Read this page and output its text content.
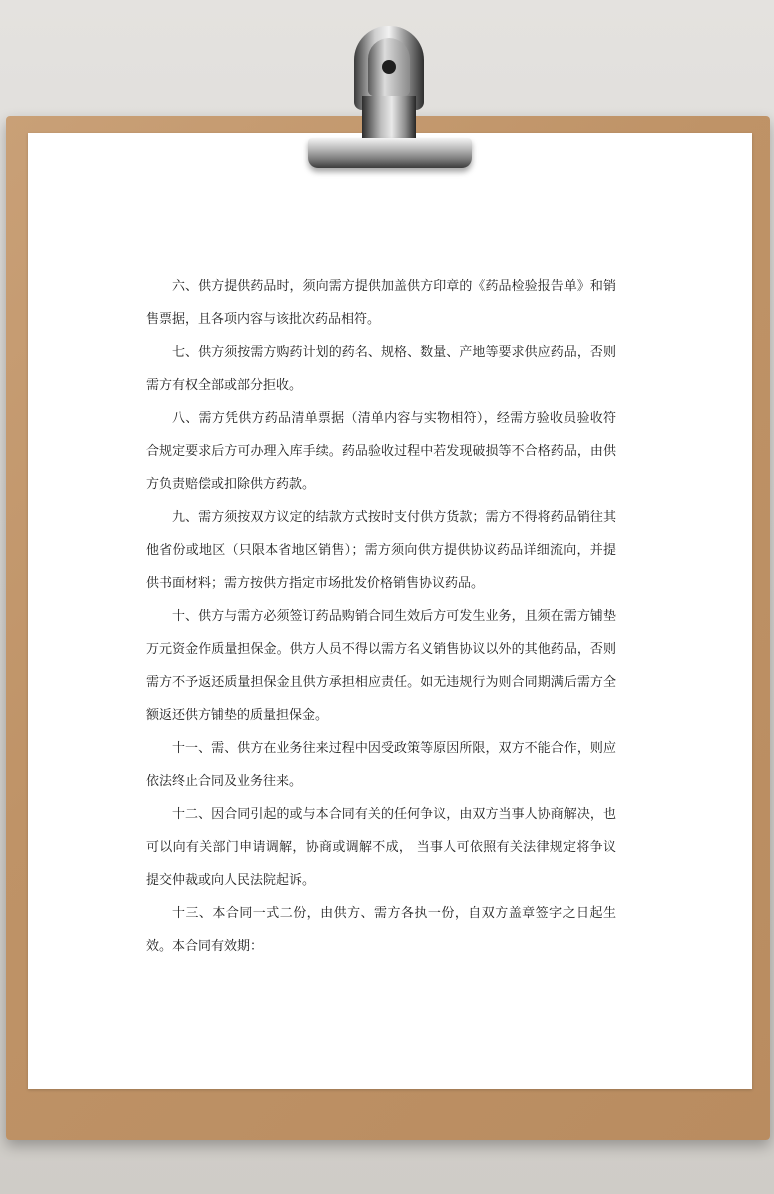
六、供方提供药品时，须向需方提供加盖供方印章的《药品检验报告单》和销售票据，且各项内容与该批次药品相符。

七、供方须按需方购药计划的药名、规格、数量、产地等要求供应药品，否则需方有权全部或部分拒收。

八、需方凭供方药品清单票据（清单内容与实物相符），经需方验收员验收符合规定要求后方可办理入库手续。药品验收过程中若发现破损等不合格药品，由供方负责赔偿或扣除供方药款。

九、需方须按双方议定的结款方式按时支付供方货款；需方不得将药品销往其他省份或地区（只限本省地区销售）；需方须向供方提供协议药品详细流向，并提供书面材料；需方按供方指定市场批发价格销售协议药品。

十、供方与需方必须签订药品购销合同生效后方可发生业务，且须在需方铺垫万元资金作质量担保金。供方人员不得以需方名义销售协议以外的其他药品，否则需方不予返还质量担保金且供方承担相应责任。如无违规行为则合同期满后需方全额返还供方铺垫的质量担保金。

十一、需、供方在业务往来过程中因受政策等原因所限，双方不能合作，则应依法终止合同及业务往来。

十二、因合同引起的或与本合同有关的任何争议，由双方当事人协商解决，也可以向有关部门申请调解，协商或调解不成， 当事人可依照有关法律规定将争议提交仲裁或向人民法院起诉。

十三、本合同一式二份，由供方、需方各执一份，自双方盖章签字之日起生效。本合同有效期：
